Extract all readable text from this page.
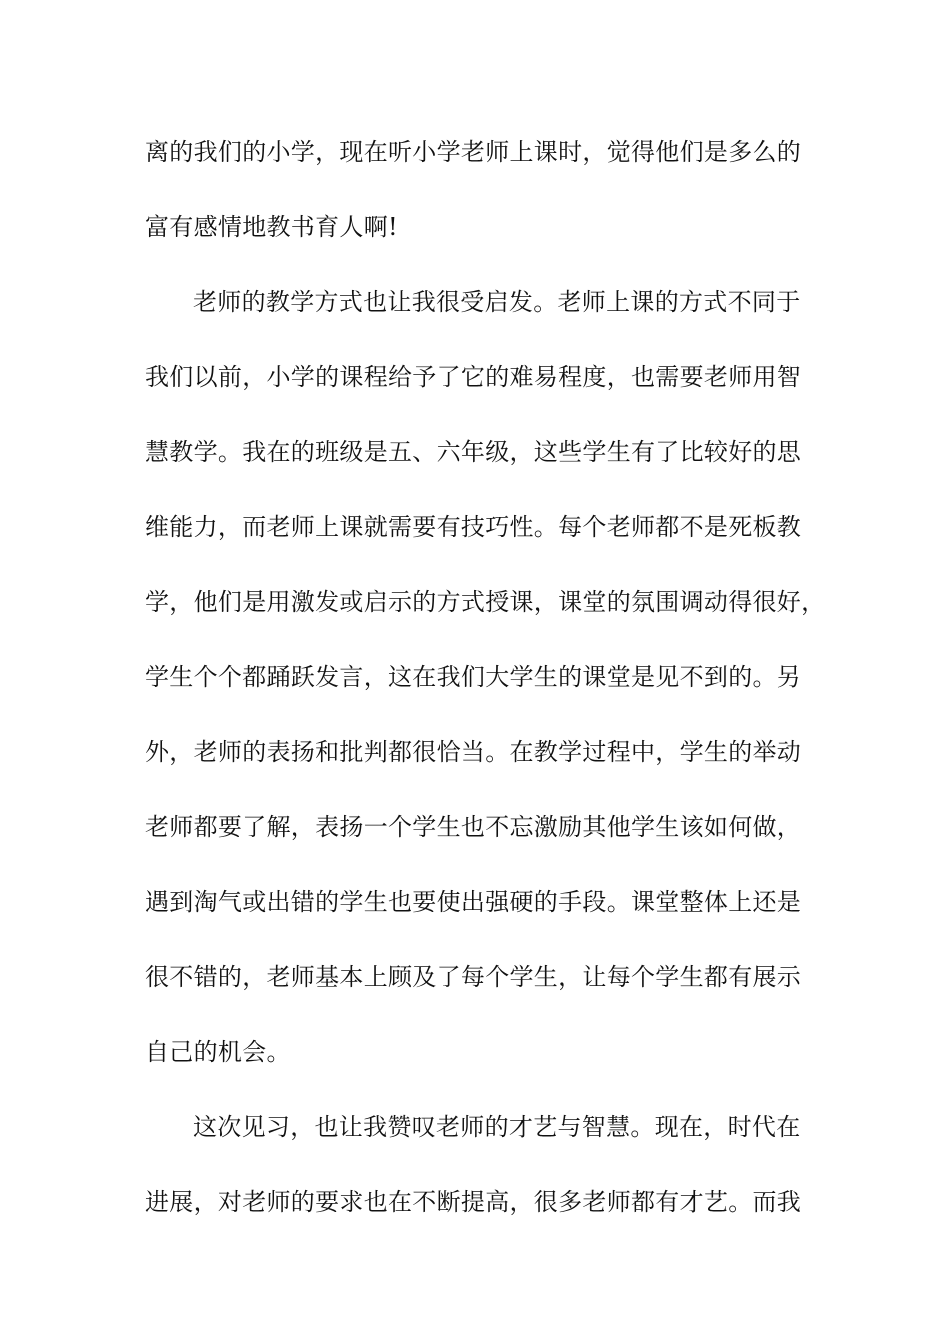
离的我们的小学，现在听小学老师上课时，觉得他们是多么的
富有感情地教书育人啊!
老师的教学方式也让我很受启发。老师上课的方式不同于
我们以前，小学的课程给予了它的难易程度，也需要老师用智
慧教学。我在的班级是五、六年级，这些学生有了比较好的思
维能力，而老师上课就需要有技巧性。每个老师都不是死板教
学，他们是用激发或启示的方式授课，课堂的氛围调动得很好，
学生个个都踊跃发言，这在我们大学生的课堂是见不到的。另
外，老师的表扬和批判都很恰当。在教学过程中，学生的举动
老师都要了解，表扬一个学生也不忘激励其他学生该如何做，
遇到淘气或出错的学生也要使出强硬的手段。课堂整体上还是
很不错的，老师基本上顾及了每个学生，让每个学生都有展示
自己的机会。
这次见习，也让我赞叹老师的才艺与智慧。现在，时代在
进展，对老师的要求也在不断提高，很多老师都有才艺。而我
